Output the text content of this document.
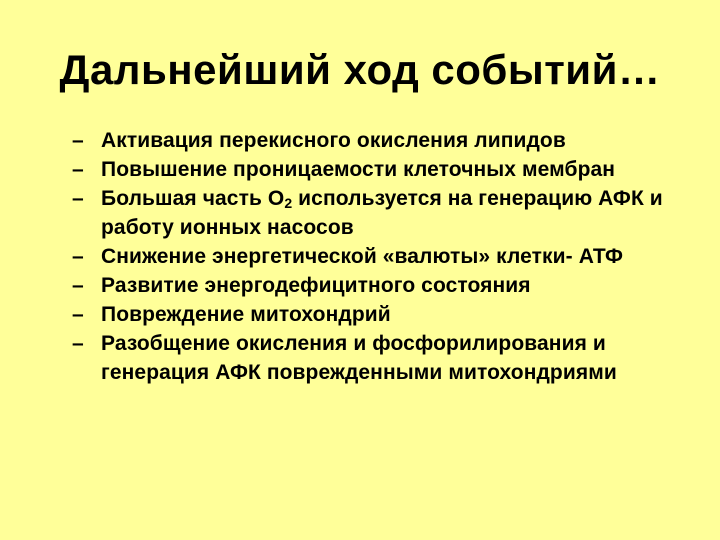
Дальнейший ход событий…
– Активация перекисного окисления липидов
– Повышение проницаемости клеточных мембран
– Большая часть $O_2$ используется на генерацию АФК и работу ионных насосов
– Снижение энергетической «валюты» клетки- АТФ
– Развитие энергодефицитного состояния
– Повреждение митохондрий
– Разобщение окисления и фосфорилирования и генерация АФК поврежденными митохондриями
